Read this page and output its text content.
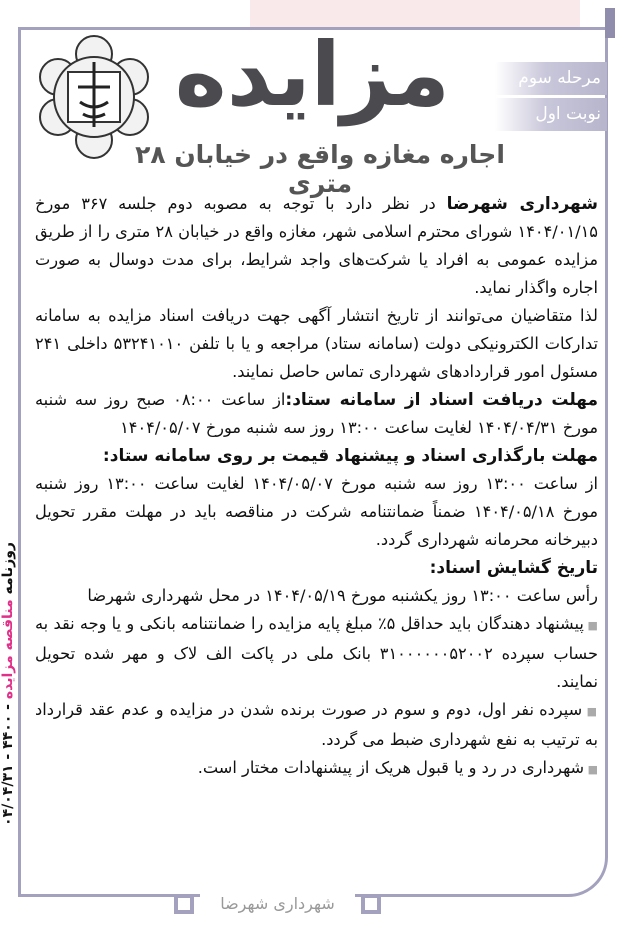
مرحله سوم
نوبت اول
مزایده
اجاره مغازه واقع در خیابان ۲۸ متری

شهرداری شهرضا در نظر دارد با توجه به مصوبه دوم جلسه ۳۶۷ مورخ ۱۴۰۴/۰۱/۱۵ شورای محترم اسلامی شهر، مغازه واقع در خیابان ۲۸ متری را از طریق مزایده عمومی به افراد یا شرکت‌های واجد شرایط، برای مدت دوسال به صورت اجاره واگذار نماید.

لذا متقاضیان می‌توانند از تاریخ انتشار آگهی جهت دریافت اسناد مزایده به سامانه تدارکات الکترونیکی دولت (سامانه ستاد) مراجعه و یا با تلفن ۵۳۲۴۱۰۱۰ داخلی ۲۴۱ مسئول امور قراردادهای شهرداری تماس حاصل نمایند.

مهلت دریافت اسناد از سامانه ستاد:از ساعت ۰۸:۰۰ صبح روز سه شنبه مورخ ۱۴۰۴/۰۴/۳۱ لغایت ساعت ۱۳:۰۰ روز سه شنبه مورخ ۱۴۰۴/۰۵/۰۷

مهلت بارگذاری اسناد و پیشنهاد قیمت بر روی سامانه ستاد:

از ساعت ۱۳:۰۰ روز سه شنبه مورخ ۱۴۰۴/۰۵/۰۷ لغایت ساعت ۱۳:۰۰ روز شنبه مورخ ۱۴۰۴/۰۵/۱۸ ضمناً ضمانتنامه شرکت در مناقصه باید در مهلت مقرر تحویل دبیرخانه محرمانه شهرداری گردد.

تاریخ گشایش اسناد:

رأس ساعت ۱۳:۰۰ روز یکشنبه مورخ ۱۴۰۴/۰۵/۱۹ در محل شهرداری شهرضا

■ پیشنهاد دهندگان باید حداقل ۵٪ مبلغ پایه مزایده را ضمانتنامه بانکی و یا وجه نقد به حساب سپرده ۳۱۰۰۰۰۰۰۵۲۰۰۲ بانک ملی در پاکت الف لاک و مهر شده تحویل نمایند.

■ سپرده نفر اول، دوم و سوم در صورت برنده شدن در مزایده و عدم عقد قرارداد به ترتیب به نفع شهرداری ضبط می گردد.

■ شهرداری در رد و یا قبول هریک از پیشنهادات مختار است.

شهرداری شهرضا
روزنامه مناقصه مزایده - ۴۴۰۰ - ۰۴/۰۴/۳۱
